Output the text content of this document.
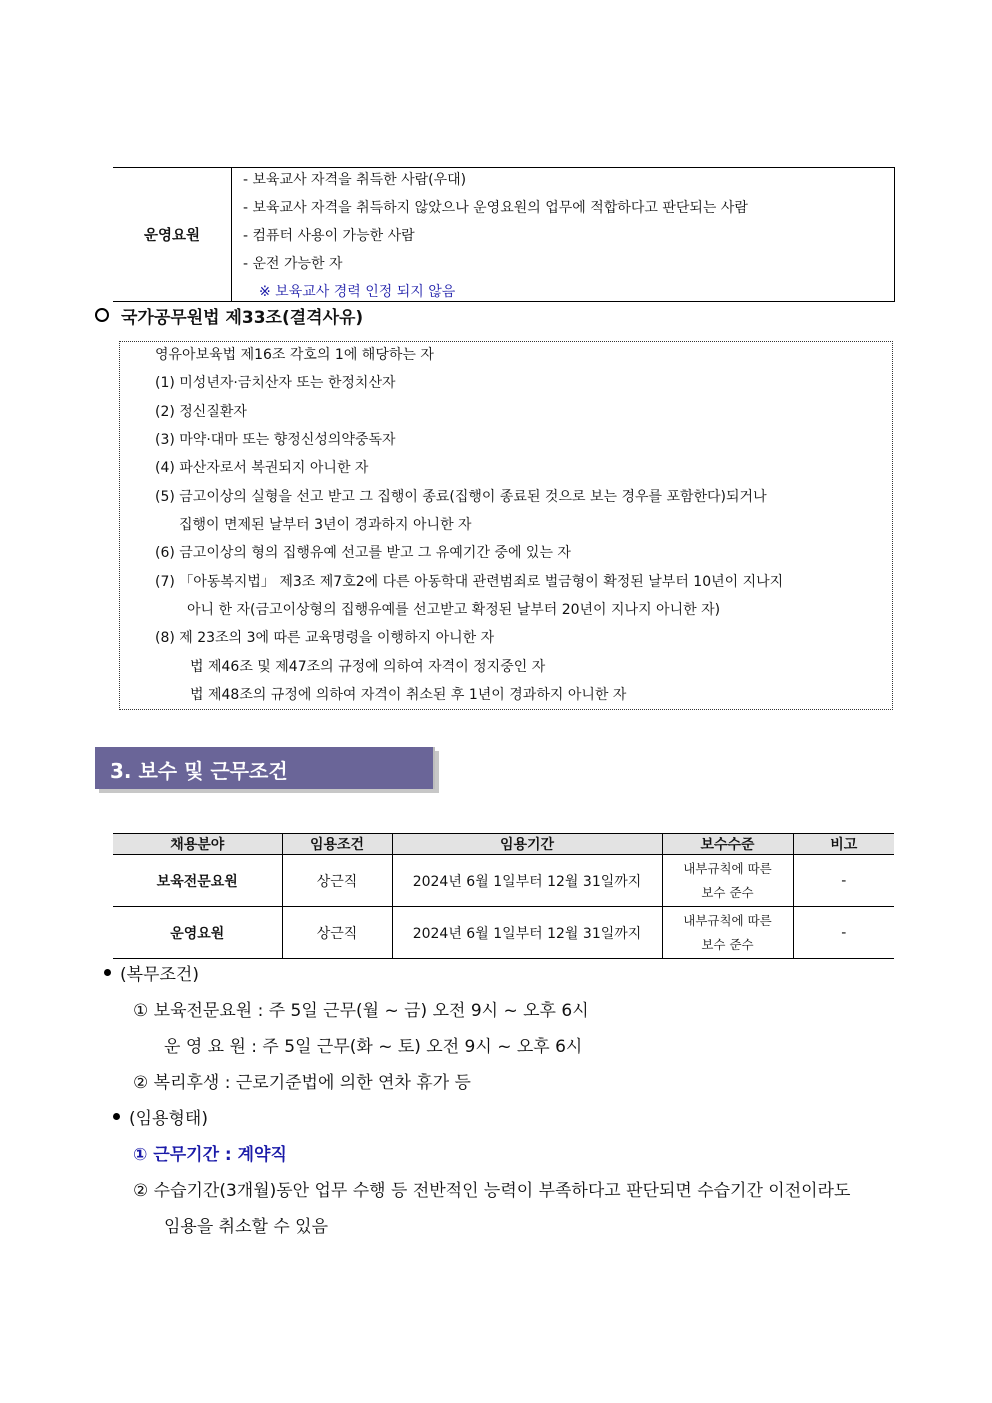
운영요원
- 보육교사 자격을 취득한 사람(우대)
- 보육교사 자격을 취득하지 않았으나 운영요원의 업무에 적합하다고 판단되는 사람
- 컴퓨터 사용이 가능한 사람
- 운전 가능한 자
※ 보육교사 경력 인정 되지 않음
국가공무원법 제33조(결격사유)
영유아보육법 제16조 각호의 1에 해당하는 자
(1) 미성년자·금치산자 또는 한정치산자
(2) 정신질환자
(3) 마약·대마 또는 향정신성의약중독자
(4) 파산자로서 복권되지 아니한 자
(5) 금고이상의 실형을 선고 받고 그 집행이 종료(집행이 종료된 것으로 보는 경우를 포함한다)되거나
집행이 면제된 날부터 3년이 경과하지 아니한 자
(6) 금고이상의 형의 집행유예 선고를 받고 그 유예기간 중에 있는 자
(7) 「아동복지법」 제3조 제7호2에 다른 아동학대 관련범죄로 벌금형이 확정된 날부터 10년이 지나지
아니 한 자(금고이상형의 집행유예를 선고받고 확정된 날부터 20년이 지나지 아니한 자)
(8) 제 23조의 3에 따른 교육명령을 이행하지 아니한 자
법 제46조 및 제47조의 규정에 의하여 자격이 정지중인 자
법 제48조의 규정에 의하여 자격이 취소된 후 1년이 경과하지 아니한 자
3. 보수 및 근무조건
채용분야	임용조건	임용기간	보수수준	비고
보육전문요원	상근직	2024년 6월 1일부터 12월 31일까지	내부규칙에 따른
보수 준수	-
운영요원	상근직	2024년 6월 1일부터 12월 31일까지	내부규칙에 따른
보수 준수	-
(복무조건)
① 보육전문요원 : 주 5일 근무(월 ~ 금) 오전 9시 ~ 오후 6시
운 영 요 원 : 주 5일 근무(화 ~ 토) 오전 9시 ~ 오후 6시
② 복리후생 : 근로기준법에 의한 연차 휴가 등
(임용형태)
① 근무기간 : 계약직
② 수습기간(3개월)동안 업무 수행 등 전반적인 능력이 부족하다고 판단되면 수습기간 이전이라도
임용을 취소할 수 있음
